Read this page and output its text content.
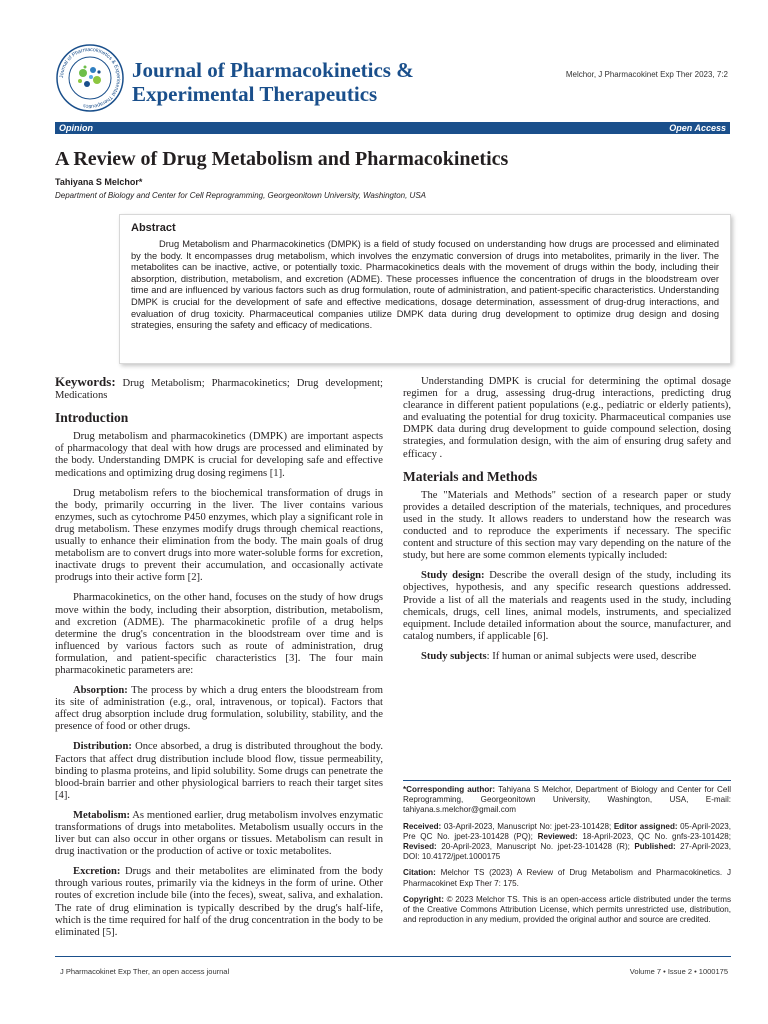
Journal of Pharmacokinetics & Experimental Therapeutics
Journal of Pharmacokinetics &
Experimental Therapeutics
Melchor, J Pharmacokinet Exp Ther 2023, 7:2
Opinion	Open Access
A Review of Drug Metabolism and Pharmacokinetics
Tahiyana S Melchor*
Department of Biology and Center for Cell Reprogramming, Georgeonitown University, Washington, USA
Abstract

Drug Metabolism and Pharmacokinetics (DMPK) is a field of study focused on understanding how drugs are processed and eliminated by the body. It encompasses drug metabolism, which involves the enzymatic conversion of drugs into metabolites, primarily in the liver. The metabolites can be inactive, active, or potentially toxic. Pharmacokinetics deals with the movement of drugs within the body, including their absorption, distribution, metabolism, and excretion (ADME). These processes influence the concentration of drugs in the bloodstream over time and are influenced by various factors such as drug formulation, route of administration, and patient-specific characteristics. Understanding DMPK is crucial for the development of safe and effective medications, dosage determination, assessment of drug-drug interactions, and evaluation of drug toxicity. Pharmaceutical companies utilize DMPK data during drug development to optimize drug design and dosing strategies, ensuring the safety and efficacy of medications.

Keywords: Drug Metabolism; Pharmacokinetics; Drug development; Medications

Introduction

Drug metabolism and pharmacokinetics (DMPK) are important aspects of pharmacology that deal with how drugs are processed and eliminated by the body. Understanding DMPK is crucial for developing safe and effective medications and optimizing drug dosing regimens [1].

Drug metabolism refers to the biochemical transformation of drugs in the body, primarily occurring in the liver. The liver contains various enzymes, such as cytochrome P450 enzymes, which play a significant role in drug metabolism. These enzymes modify drugs through chemical reactions, usually to enhance their elimination from the body. The main goals of drug metabolism are to convert drugs into more water-soluble forms for excretion, inactivate drugs to prevent their accumulation, and occasionally activate prodrugs into their active form [2].

Pharmacokinetics, on the other hand, focuses on the study of how drugs move within the body, including their absorption, distribution, metabolism, and excretion (ADME). The pharmacokinetic profile of a drug helps determine the drug's concentration in the bloodstream over time and is influenced by various factors such as route of administration, drug formulation, and patient-specific characteristics [3]. The four main pharmacokinetic parameters are:

Absorption: The process by which a drug enters the bloodstream from its site of administration (e.g., oral, intravenous, or topical). Factors that affect drug absorption include drug formulation, solubility, stability, and the presence of food or other drugs.

Distribution: Once absorbed, a drug is distributed throughout the body. Factors that affect drug distribution include blood flow, tissue permeability, binding to plasma proteins, and lipid solubility. Some drugs can penetrate the blood-brain barrier and other physiological barriers to reach their target sites [4].

Metabolism: As mentioned earlier, drug metabolism involves enzymatic transformations of drugs into metabolites. Metabolism usually occurs in the liver but can also occur in other organs or tissues. Metabolism can result in drug inactivation or the production of active or toxic metabolites.

Excretion: Drugs and their metabolites are eliminated from the body through various routes, primarily via the kidneys in the form of urine. Other routes of excretion include bile (into the feces), sweat, saliva, and exhalation. The rate of drug elimination is typically described by the drug's half-life, which is the time required for half of the drug concentration in the body to be eliminated [5].

Understanding DMPK is crucial for determining the optimal dosage regimen for a drug, assessing drug-drug interactions, predicting drug clearance in different patient populations (e.g., pediatric or elderly patients), and evaluating the potential for drug toxicity. Pharmaceutical companies use DMPK data during drug development to guide compound selection, dosing strategies, and formulation design, with the aim of ensuring drug safety and efficacy .

Materials and Methods

The "Materials and Methods" section of a research paper or study provides a detailed description of the materials, techniques, and procedures used in the study. It allows readers to understand how the research was conducted and to reproduce the experiments if necessary. The specific content and structure of this section may vary depending on the nature of the study, but here are some common elements typically included:

Study design: Describe the overall design of the study, including its objectives, hypothesis, and any specific research questions addressed. Provide a list of all the materials and reagents used in the study, including chemicals, drugs, cell lines, animal models, instruments, and specialized equipment. Include detailed information about the source, manufacturer, and catalog numbers, if applicable [6].

Study subjects: If human or animal subjects were used, describe

*Corresponding author: Tahiyana S Melchor, Department of Biology and Center for Cell Reprogramming, Georgeonitown University, Washington, USA, E-mail: tahiyana.s.melchor@gmail.com

Received: 03-April-2023, Manuscript No: jpet-23-101428; Editor assigned: 05-April-2023, Pre QC No. jpet-23-101428 (PQ); Reviewed: 18-April-2023, QC No. gnfs-23-101428; Revised: 20-April-2023, Manuscript No. jpet-23-101428 (R); Published: 27-April-2023, DOI: 10.4172/jpet.1000175

Citation: Melchor TS (2023) A Review of Drug Metabolism and Pharmacokinetics. J Pharmacokinet Exp Ther 7: 175.

Copyright: © 2023 Melchor TS. This is an open-access article distributed under the terms of the Creative Commons Attribution License, which permits unrestricted use, distribution, and reproduction in any medium, provided the original author and source are credited.

J Pharmacokinet Exp Ther, an open access journal	Volume 7 • Issue 2 • 1000175
